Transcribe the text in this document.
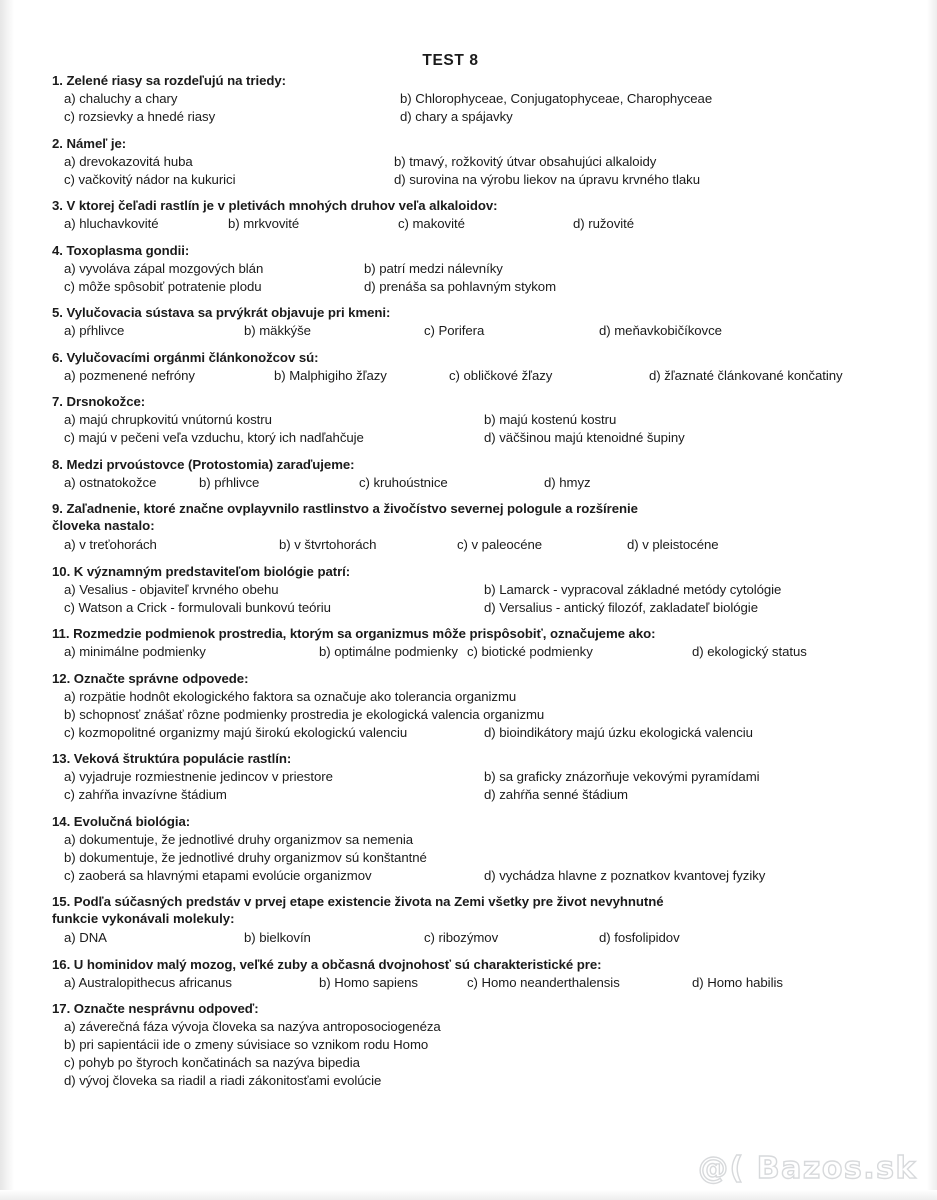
TEST 8
1. Zelené riasy sa rozdeľujú na triedy:
a) chaluchy a chary	b) Chlorophyceae, Conjugatophyceae, Charophyceae
c) rozsievky a hnedé riasy	d) chary a spájavky
2. Námeľ je:
a) drevokazovitá huba	b) tmavý, rožkovitý útvar obsahujúci alkaloidy
c) vačkovitý nádor na kukurici	d) surovina na výrobu liekov na úpravu krvného tlaku
3. V ktorej čeľadi rastlín je v pletivách mnohých druhov veľa alkaloidov:
a) hluchavkovité	b) mrkvovité	c) makovité	d) ružovité
4. Toxoplasma gondii:
a) vyvoláva zápal mozgových blán	b) patrí medzi nálevníky
c) môže spôsobiť potratenie plodu	d) prenáša sa pohlavným stykom
5. Vylučovacia sústava sa prvýkrát objavuje pri kmeni:
a) pŕhlivce	b) mäkkýše	c) Porifera	d) meňavkobičíkovce
6. Vylučovacími orgánmi článkonožcov sú:
a) pozmenené nefróny	b) Malphigiho žľazy	c) obličkové žľazy	d) žľaznaté článkované končatiny
7. Drsnokožce:
a) majú chrupkovitú vnútornú kostru	b) majú kostenú kostru
c) majú v pečeni veľa vzduchu, ktorý ich nadľahčuje	d) väčšinou majú ktenoidné šupiny
8. Medzi prvoústovce (Protostomia) zaraďujeme:
a) ostnatokožce	b) pŕhlivce	c) kruhoústnice	d) hmyz
9. Zaľadnenie, ktoré značne ovplayvnilo rastlinstvo a živočístvo severnej pologule a rozšírenie
človeka nastalo:
a) v treťohorách	b) v štvrtohorách	c) v paleocéne	d) v pleistocéne
10. K významným predstaviteľom biológie patrí:
a) Vesalius - objaviteľ krvného obehu	b) Lamarck - vypracoval základné metódy cytológie
c) Watson a Crick - formulovali bunkovú teóriu	d) Versalius - antický filozóf, zakladateľ biológie
11. Rozmedzie podmienok prostredia, ktorým sa organizmus môže prispôsobiť, označujeme ako:
a) minimálne podmienky	b) optimálne podmienky c) biotické podmienky	d) ekologický status
12. Označte správne odpovede:
a) rozpätie hodnôt ekologického faktora sa označuje ako tolerancia organizmu
b) schopnosť znášať rôzne podmienky prostredia je ekologická valencia organizmu
c) kozmopolitné organizmy majú širokú ekologickú valenciu	d) bioindikátory majú úzku ekologická valenciu
13. Veková štruktúra populácie rastlín:
a) vyjadruje rozmiestnenie jedincov v priestore	b) sa graficky znázorňuje vekovými pyramídami
c) zahŕňa invazívne štádium	d) zahŕňa senné štádium
14. Evolučná biológia:
a) dokumentuje, že jednotlivé druhy organizmov sa nemenia
b) dokumentuje, že jednotlivé druhy organizmov sú konštantné
c) zaoberá sa hlavnými etapami evolúcie organizmov	d) vychádza hlavne z poznatkov kvantovej fyziky
15. Podľa súčasných predstáv v prvej etape existencie života na Zemi všetky pre život nevyhnutné
funkcie vykonávali molekuly:
a) DNA	b) bielkovín	c) ribozýmov	d) fosfolipidov
16. U hominidov malý mozog, veľké zuby a občasná dvojnohosť sú charakteristické pre:
a) Australopithecus africanus	b) Homo sapiens	c) Homo neanderthalensis	d) Homo habilis
17. Označte nesprávnu odpoveď:
a) záverečná fáza vývoja človeka sa nazýva antroposociogenéza
b) pri sapientácii ide o zmeny súvisiace so vznikom rodu Homo
c) pohyb po štyroch končatinách sa nazýva bipedia
d) vývoj človeka sa riadil a riadi zákonitosťami evolúcie
@( Bazos.sk
